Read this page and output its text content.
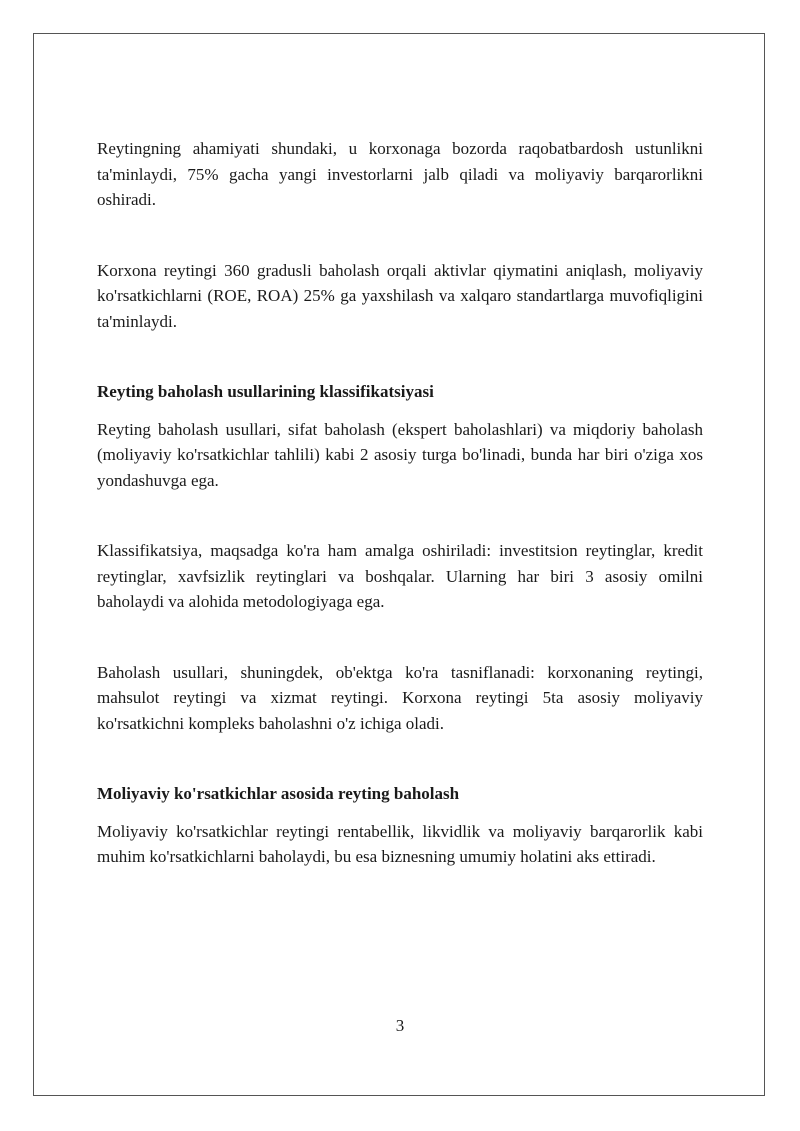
Reytingning ahamiyati shundaki, u korxonaga bozorda raqobatbardosh ustunlikni ta'minlaydi, 75% gacha yangi investorlarni jalb qiladi va moliyaviy barqarorlikni oshiradi.

Korxona reytingi 360 gradusli baholash orqali aktivlar qiymatini aniqlash, moliyaviy ko'rsatkichlarni (ROE, ROA) 25% ga yaxshilash va xalqaro standartlarga muvofiqligini ta'minlaydi.

Reyting baholash usullarining klassifikatsiyasi

Reyting baholash usullari, sifat baholash (ekspert baholashlari) va miqdoriy baholash (moliyaviy ko'rsatkichlar tahlili) kabi 2 asosiy turga bo'linadi, bunda har biri o'ziga xos yondashuvga ega.

Klassifikatsiya, maqsadga ko'ra ham amalga oshiriladi: investitsion reytinglar, kredit reytinglar, xavfsizlik reytinglari va boshqalar. Ularning har biri 3 asosiy omilni baholaydi va alohida metodologiyaga ega.

Baholash usullari, shuningdek, ob'ektga ko'ra tasniflanadi: korxonaning reytingi, mahsulot reytingi va xizmat reytingi. Korxona reytingi 5ta asosiy moliyaviy ko'rsatkichni kompleks baholashni o'z ichiga oladi.

Moliyaviy ko'rsatkichlar asosida reyting baholash

Moliyaviy ko'rsatkichlar reytingi rentabellik, likvidlik va moliyaviy barqarorlik kabi muhim ko'rsatkichlarni baholaydi, bu esa biznesning umumiy holatini aks ettiradi.

3
